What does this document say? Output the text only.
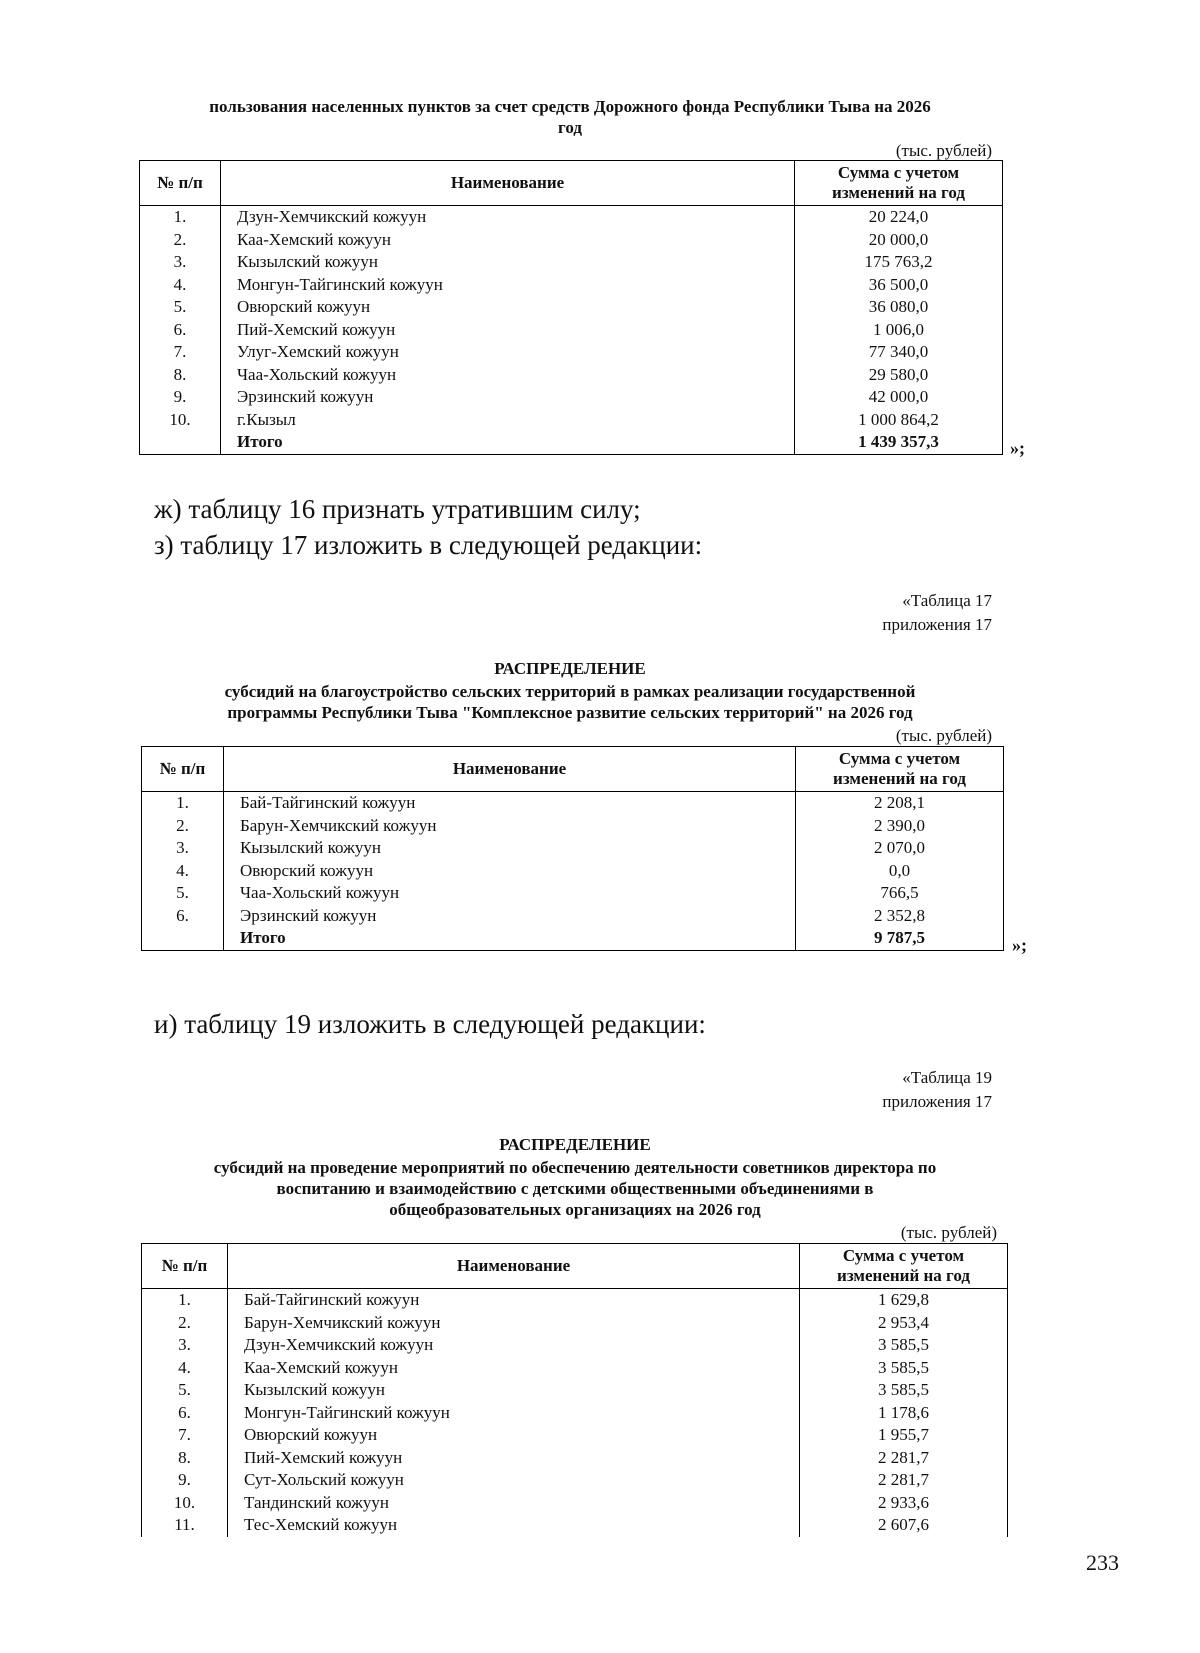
пользования населенных пунктов за счет средств Дорожного фонда Республики Тыва на 2026
год
(тыс. рублей)
№ п/п	Наименование	Сумма с учетом изменений на год
1.	Дзун-Хемчикский кожуун	20 224,0
2.	Каа-Хемский кожуун	20 000,0
3.	Кызылский кожуун	175 763,2
4.	Монгун-Тайгинский кожуун	36 500,0
5.	Овюрский кожуун	36 080,0
6.	Пий-Хемский кожуун	1 006,0
7.	Улуг-Хемский кожуун	77 340,0
8.	Чаа-Хольский кожуун	29 580,0
9.	Эрзинский кожуун	42 000,0
10.	г.Кызыл	1 000 864,2
	Итого	1 439 357,3	»;
ж) таблицу 16 признать утратившим силу;
з) таблицу 17 изложить в следующей редакции:
«Таблица 17
приложения 17
РАСПРЕДЕЛЕНИЕ
субсидий на благоустройство сельских территорий в рамках реализации государственной
программы Республики Тыва "Комплексное развитие сельских территорий" на 2026 год
(тыс. рублей)
№ п/п	Наименование	Сумма с учетом изменений на год
1.	Бай-Тайгинский кожуун	2 208,1
2.	Барун-Хемчикский кожуун	2 390,0
3.	Кызылский кожуун	2 070,0
4.	Овюрский кожуун	0,0
5.	Чаа-Хольский кожуун	766,5
6.	Эрзинский кожуун	2 352,8
	Итого	9 787,5	»;
и) таблицу 19 изложить в следующей редакции:
«Таблица 19
приложения 17
РАСПРЕДЕЛЕНИЕ
субсидий на проведение мероприятий по обеспечению деятельности советников директора по
воспитанию и взаимодействию с детскими общественными объединениями в
общеобразовательных организациях на 2026 год
(тыс. рублей)
№ п/п	Наименование	Сумма с учетом изменений на год
1.	Бай-Тайгинский кожуун	1 629,8
2.	Барун-Хемчикский кожуун	2 953,4
3.	Дзун-Хемчикский кожуун	3 585,5
4.	Каа-Хемский кожуун	3 585,5
5.	Кызылский кожуун	3 585,5
6.	Монгун-Тайгинский кожуун	1 178,6
7.	Овюрский кожуун	1 955,7
8.	Пий-Хемский кожуун	2 281,7
9.	Сут-Хольский кожуун	2 281,7
10.	Тандинский кожуун	2 933,6
11.	Тес-Хемский кожуун	2 607,6
233
